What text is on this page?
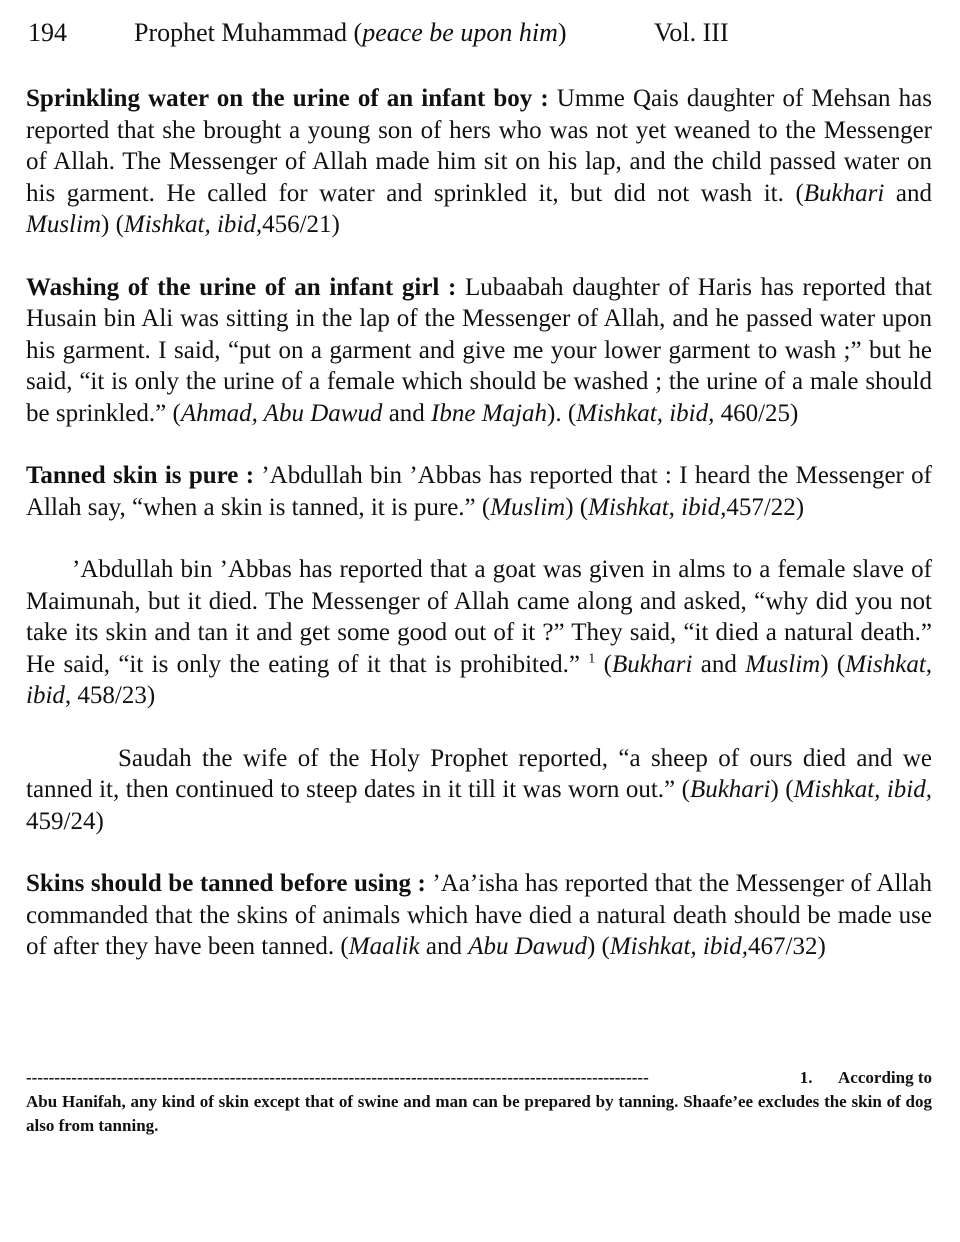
194	Prophet Muhammad (peace be upon him)	Vol. III

Sprinkling water on the urine of an infant boy : Umme Qais daughter of Mehsan has reported that she brought a young son of hers who was not yet weaned to the Messenger of Allah. The Messenger of Allah made him sit on his lap, and the child passed water on his garment. He called for water and sprinkled it, but did not wash it. (Bukhari and Muslim) (Mishkat, ibid,456/21)

Washing of the urine of an infant girl : Lubaabah daughter of Haris has reported that Husain bin Ali was sitting in the lap of the Messenger of Allah, and he passed water upon his garment. I said, “put on a garment and give me your lower garment to wash ;” but he said, “it is only the urine of a female which should be washed ; the urine of a male should be sprinkled.” (Ahmad, Abu Dawud and Ibne Majah). (Mishkat, ibid, 460/25)

Tanned skin is pure : ’Abdullah bin ’Abbas has reported that : I heard the Messenger of Allah say, “when a skin is tanned, it is pure.” (Muslim) (Mishkat, ibid,457/22)

’Abdullah bin ’Abbas has reported that a goat was given in alms to a female slave of Maimunah, but it died. The Messenger of Allah came along and asked, “why did you not take its skin and tan it and get some good out of it ?” They said, “it died a natural death.” He said, “it is only the eating of it that is prohibited.” $^1$ (Bukhari and Muslim) (Mishkat, ibid, 458/23)

Saudah the wife of the Holy Prophet reported, “a sheep of ours died and we tanned it, then continued to steep dates in it till it was worn out.” (Bukhari) (Mishkat, ibid, 459/24)

Skins should be tanned before using : ’Aa’isha has reported that the Messenger of Allah commanded that the skins of animals which have died a natural death should be made use of after they have been tanned. (Maalik and Abu Dawud) (Mishkat, ibid,467/32)

--------------------------------------------------------------------------------------------------------------	1. According to
Abu Hanifah, any kind of skin except that of swine and man can be prepared by tanning. Shaafe’ee excludes the skin of dog also from tanning.
